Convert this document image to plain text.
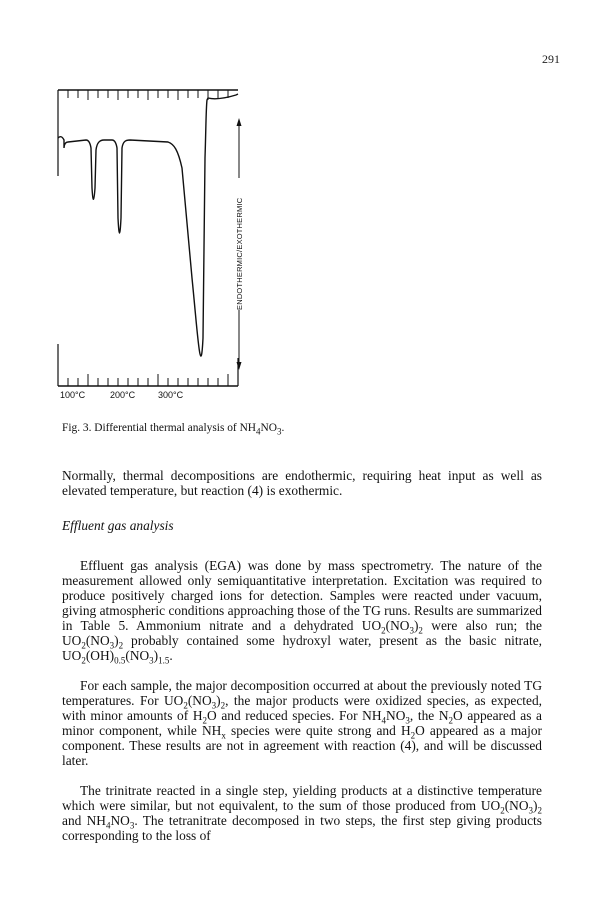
291
ENDOTHERMIC/EXOTHERMIC
100°C	200°C	300°C
Fig. 3. Differential thermal analysis of $NH_4NO_3$.
Normally, thermal decompositions are endothermic, requiring heat input as well as elevated temperature, but reaction (4) is exothermic.
Effluent gas analysis
Effluent gas analysis (EGA) was done by mass spectrometry. The nature of the measurement allowed only semiquantitative interpretation. Excitation was required to produce positively charged ions for detection. Samples were reacted under vacuum, giving atmospheric conditions approaching those of the TG runs. Results are summarized in Table 5. Ammonium nitrate and a dehydrated $UO_2(NO_3)_2$ were also run; the $UO_2(NO_3)_2$ probably contained some hydroxyl water, present as the basic nitrate, $UO_2(OH)_{0.5}(NO_3)_{1.5}$.
For each sample, the major decomposition occurred at about the previously noted TG temperatures. For $UO_2(NO_3)_2$, the major products were oxidized species, as expected, with minor amounts of $H_2O$ and reduced species. For $NH_4NO_3$, the $N_2O$ appeared as a minor component, while $NH_x$ species were quite strong and $H_2O$ appeared as a major component. These results are not in agreement with reaction (4), and will be discussed later.
The trinitrate reacted in a single step, yielding products at a distinctive temperature which were similar, but not equivalent, to the sum of those produced from $UO_2(NO_3)_2$ and $NH_4NO_3$. The tetranitrate decomposed in two steps, the first step giving products corresponding to the loss of
